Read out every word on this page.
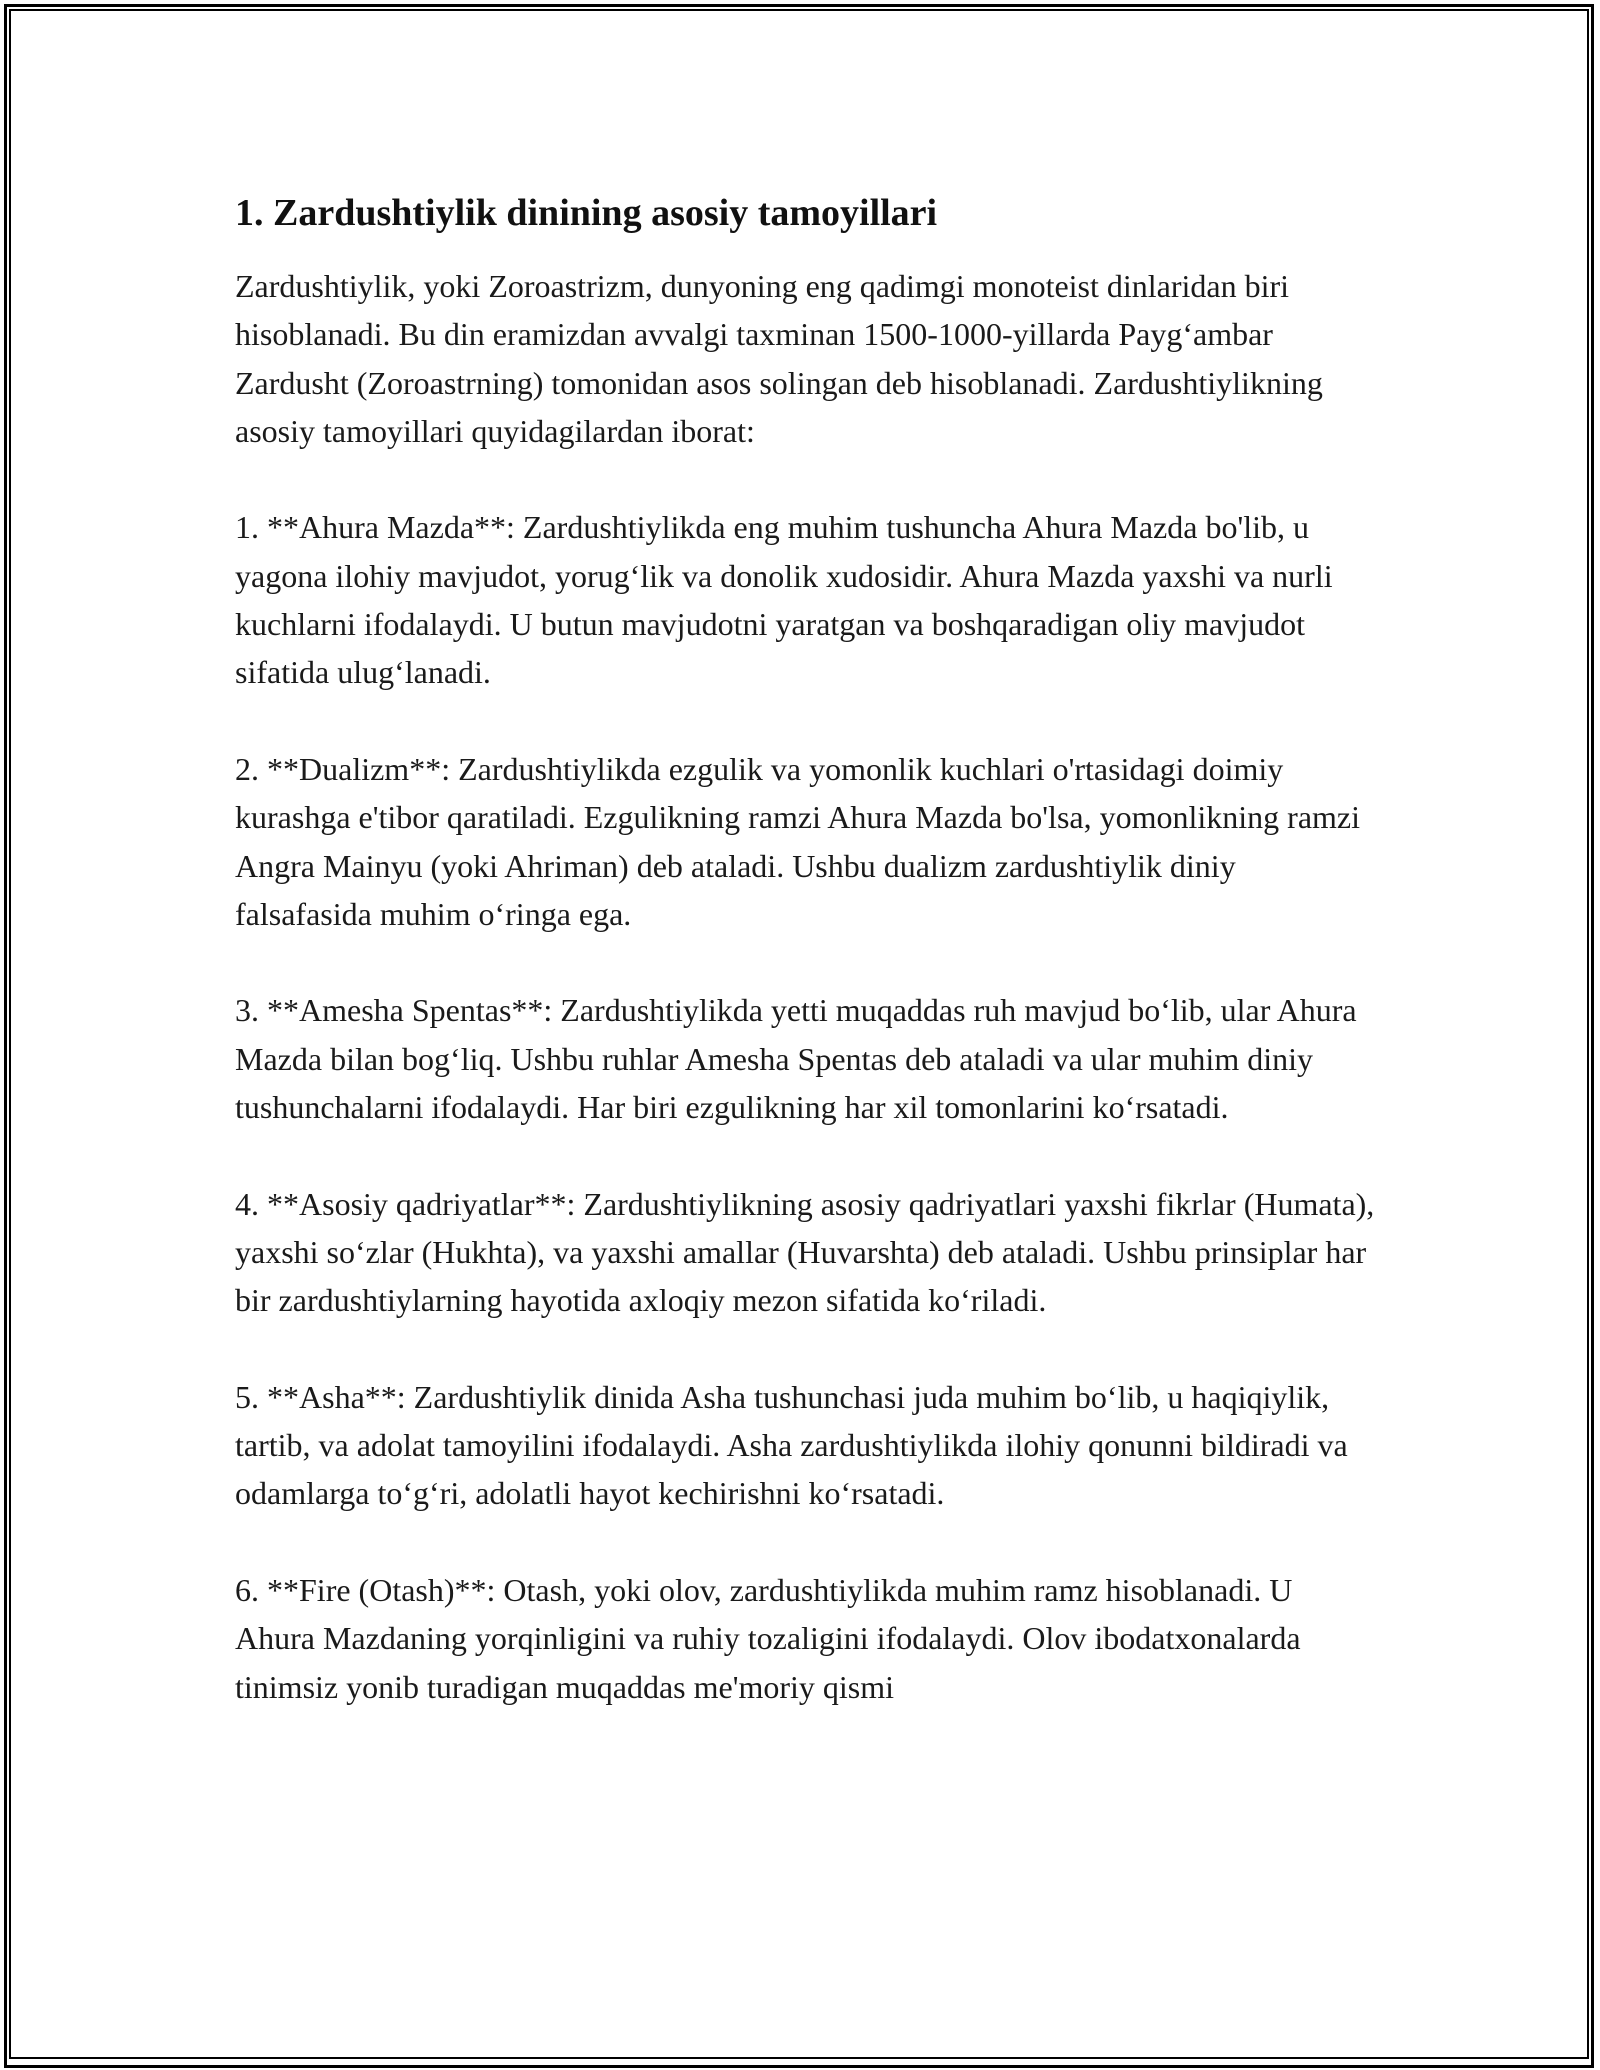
1. Zardushtiylik dinining asosiy tamoyillari

Zardushtiylik, yoki Zoroastrizm, dunyoning eng qadimgi monoteist dinlaridan biri hisoblanadi. Bu din eramizdan avvalgi taxminan 1500-1000-yillarda Payg‘ambar Zardusht (Zoroastrning) tomonidan asos solingan deb hisoblanadi. Zardushtiylikning asosiy tamoyillari quyidagilardan iborat:

1. **Ahura Mazda**: Zardushtiylikda eng muhim tushuncha Ahura Mazda bo'lib, u yagona ilohiy mavjudot, yorug‘lik va donolik xudosidir. Ahura Mazda yaxshi va nurli kuchlarni ifodalaydi. U butun mavjudotni yaratgan va boshqaradigan oliy mavjudot sifatida ulug‘lanadi.

2. **Dualizm**: Zardushtiylikda ezgulik va yomonlik kuchlari o'rtasidagi doimiy kurashga e'tibor qaratiladi. Ezgulikning ramzi Ahura Mazda bo'lsa, yomonlikning ramzi Angra Mainyu (yoki Ahriman) deb ataladi. Ushbu dualizm zardushtiylik diniy falsafasida muhim o‘ringa ega.

3. **Amesha Spentas**: Zardushtiylikda yetti muqaddas ruh mavjud bo‘lib, ular Ahura Mazda bilan bog‘liq. Ushbu ruhlar Amesha Spentas deb ataladi va ular muhim diniy tushunchalarni ifodalaydi. Har biri ezgulikning har xil tomonlarini ko‘rsatadi.

4. **Asosiy qadriyatlar**: Zardushtiylikning asosiy qadriyatlari yaxshi fikrlar (Humata), yaxshi so‘zlar (Hukhta), va yaxshi amallar (Huvarshta) deb ataladi. Ushbu prinsiplar har bir zardushtiylarning hayotida axloqiy mezon sifatida ko‘riladi.

5. **Asha**: Zardushtiylik dinida Asha tushunchasi juda muhim bo‘lib, u haqiqiylik, tartib, va adolat tamoyilini ifodalaydi. Asha zardushtiylikda ilohiy qonunni bildiradi va odamlarga to‘g‘ri, adolatli hayot kechirishni ko‘rsatadi.

6. **Fire (Otash)**: Otash, yoki olov, zardushtiylikda muhim ramz hisoblanadi. U Ahura Mazdaning yorqinligini va ruhiy tozaligini ifodalaydi. Olov ibodatxonalarda tinimsiz yonib turadigan muqaddas me'moriy qismi
